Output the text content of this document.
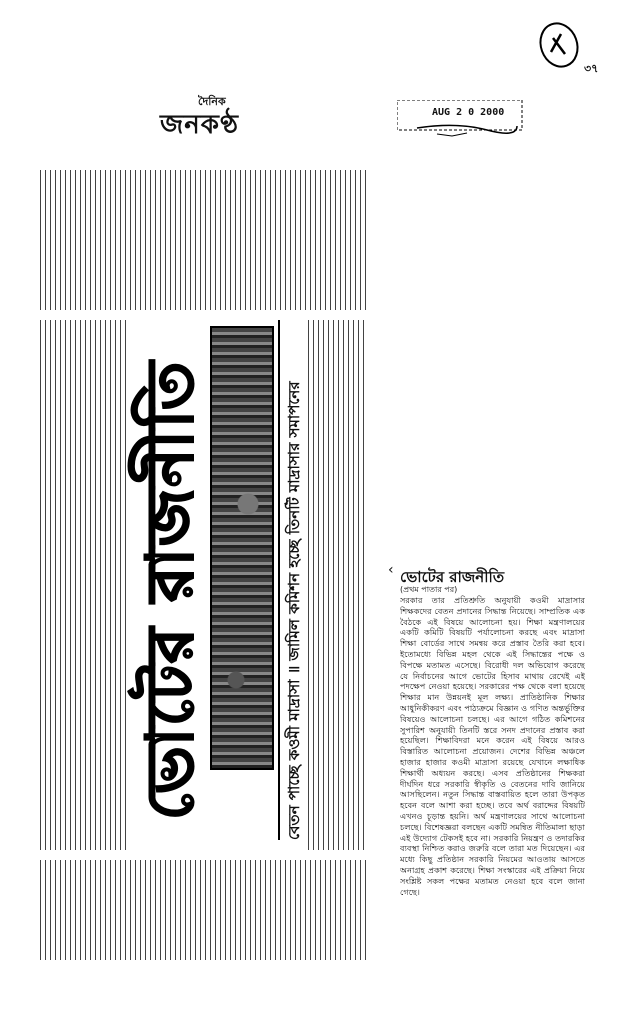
দৈনিক
জনকণ্ঠ
৩৭
AUG 2 0 2000
ভোটের রাজনীতি	বেতন পাচ্ছে কওমী মাদ্রাসা ॥ জামিল কমিশন হচ্ছে তিনটি মাদ্রাসার সমাপনের	‹ ভোটের রাজনীতি
(প্রথম পাতার পর)
সরকার তার প্রতিশ্রুতি অনুযায়ী কওমী মাদ্রাসার শিক্ষকদের বেতন প্রদানের সিদ্ধান্ত নিয়েছে। সাম্প্রতিক এক বৈঠকে এই বিষয়ে আলোচনা হয়। শিক্ষা মন্ত্রণালয়ের একটি কমিটি বিষয়টি পর্যালোচনা করছে এবং মাদ্রাসা শিক্ষা বোর্ডের সাথে সমন্বয় করে প্রস্তাব তৈরি করা হবে। ইতোমধ্যে বিভিন্ন মহল থেকে এই সিদ্ধান্তের পক্ষে ও বিপক্ষে মতামত এসেছে। বিরোধী দল অভিযোগ করেছে যে নির্বাচনের আগে ভোটের হিসাব মাথায় রেখেই এই পদক্ষেপ নেওয়া হয়েছে। সরকারের পক্ষ থেকে বলা হয়েছে শিক্ষার মান উন্নয়নই মূল লক্ষ্য। প্রাতিষ্ঠানিক শিক্ষার আধুনিকীকরণ এবং পাঠ্যক্রমে বিজ্ঞান ও গণিত অন্তর্ভুক্তির বিষয়েও আলোচনা চলছে। এর আগে গঠিত কমিশনের সুপারিশ অনুযায়ী তিনটি স্তরে সনদ প্রদানের প্রস্তাব করা হয়েছিল। শিক্ষাবিদরা মনে করেন এই বিষয়ে আরও বিস্তারিত আলোচনা প্রয়োজন। দেশের বিভিন্ন অঞ্চলে হাজার হাজার কওমী মাদ্রাসা রয়েছে যেখানে লক্ষাধিক শিক্ষার্থী অধ্যয়ন করছে। এসব প্রতিষ্ঠানের শিক্ষকরা দীর্ঘদিন ধরে সরকারি স্বীকৃতি ও বেতনের দাবি জানিয়ে আসছিলেন। নতুন সিদ্ধান্ত বাস্তবায়িত হলে তারা উপকৃত হবেন বলে আশা করা হচ্ছে। তবে অর্থ বরাদ্দের বিষয়টি এখনও চূড়ান্ত হয়নি। অর্থ মন্ত্রণালয়ের সাথে আলোচনা চলছে। বিশেষজ্ঞরা বলছেন একটি সমন্বিত নীতিমালা ছাড়া এই উদ্যোগ টেকসই হবে না। সরকারি নিয়ন্ত্রণ ও তদারকির ব্যবস্থা নিশ্চিত করাও জরুরি বলে তারা মত দিয়েছেন। এর মধ্যে কিছু প্রতিষ্ঠান সরকারি নিয়মের আওতায় আসতে অনাগ্রহ প্রকাশ করেছে। শিক্ষা সংস্কারের এই প্রক্রিয়া নিয়ে সংশ্লিষ্ট সকল পক্ষের মতামত নেওয়া হবে বলে জানা গেছে।
